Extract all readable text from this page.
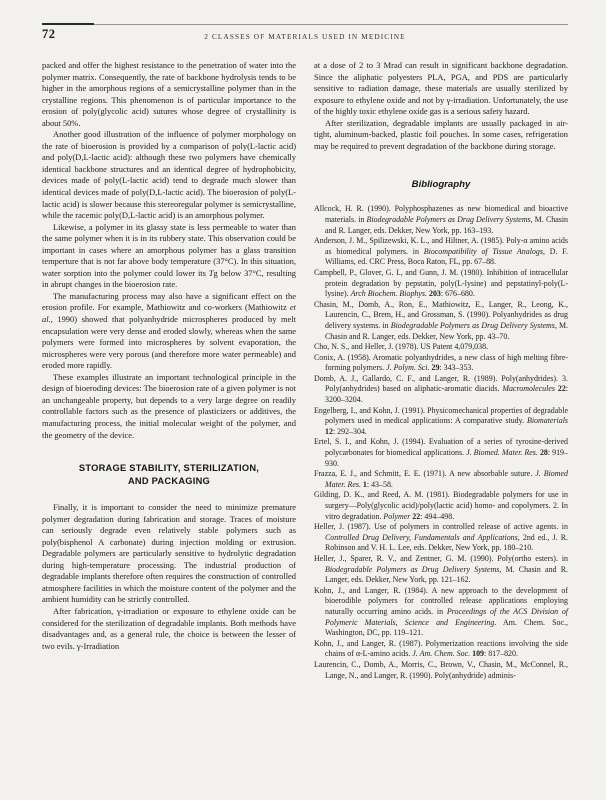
72	2 CLASSES OF MATERIALS USED IN MEDICINE

packed and offer the highest resistance to the penetration of water into the polymer matrix. Consequently, the rate of backbone hydrolysis tends to be higher in the amorphous regions of a semicrystalline polymer than in the crystalline regions. This phenomenon is of particular importance to the erosion of poly(glycolic acid) sutures whose degree of crystallinity is about 50%.

Another good illustration of the influence of polymer morphology on the rate of bioerosion is provided by a comparison of poly(L-lactic acid) and poly(D,L-lactic acid): although these two polymers have chemically identical backbone structures and an identical degree of hydrophobicity, devices made of poly(L-lactic acid) tend to degrade much slower than identical devices made of poly(D,L-lactic acid). The bioerosion of poly(L-lactic acid) is slower because this stereoregular polymer is semicrystalline, while the racemic poly(D,L-lactic acid) is an amorphous polymer.

Likewise, a polymer in its glassy state is less permeable to water than the same polymer when it is in its rubbery state. This observation could be important in cases where an amorphous polymer has a glass transition temperture that is not far above body temperature (37°C). In this situation, water sorption into the polymer could lower its Tg below 37°C, resulting in abrupt changes in the bioerosion rate.

The manufacturing process may also have a significant effect on the erosion profile. For example, Mathiowitz and co-workers (Mathiowitz et al., 1990) showed that polyanhydride microspheres produced by melt encapsulation were very dense and eroded slowly, whereas when the same polymers were formed into microspheres by solvent evaporation, the microspheres were very porous (and therefore more water permeable) and eroded more rapidly.

These examples illustrate an important technological principle in the design of bioeroding devices: The bioerosion rate of a given polymer is not an unchangeable property, but depends to a very large degree on readily controllable factors such as the presence of plasticizers or additives, the manufacturing process, the initial molecular weight of the polymer, and the geometry of the device.

STORAGE STABILITY, STERILIZATION,
AND PACKAGING

Finally, it is important to consider the need to minimize premature polymer degradation during fabrication and storage. Traces of moisture can seriously degrade even relatively stable polymers such as poly(bisphenol A carbonate) during injection molding or extrusion. Degradable polymers are particularly sensitive to hydrolytic degradation during high-temperature processing. The industrial production of degradable implants therefore often requires the construction of controlled atmosphere facilities in which the moisture content of the polymer and the ambient humidity can be strictly controlled.

After fabrication, γ-irradiation or exposure to ethylene oxide can be considered for the sterilization of degradable implants. Both methods have disadvantages and, as a general rule, the choice is between the lesser of two evils. γ-Irradiation

at a dose of 2 to 3 Mrad can result in significant backbone degradation. Since the aliphatic polyesters PLA, PGA, and PDS are particularly sensitive to radiation damage, these materials are usually sterilized by exposure to ethylene oxide and not by γ-irradiation. Unfortunately, the use of the highly toxic ethylene oxide gas is a serious safety hazard.

After sterilization, degradable implants are usually packaged in air-tight, aluminum-backed, plastic foil pouches. In some cases, refrigeration may be required to prevent degradation of the backbone during storage.

Bibliography

Allcock, H. R. (1990). Polyphosphazenes as new biomedical and bioactive materials. in Biodegradable Polymers as Drug Delivery Systems, M. Chasin and R. Langer, eds. Dekker, New York, pp. 163–193.

Anderson, J. M., Spilizewski, K. L., and Hiltner, A. (1985). Poly-α amino acids as biomedical polymers. in Biocompatibility of Tissue Analogs, D. F. Williams, ed. CRC Press, Boca Raton, FL, pp. 67–88.

Campbell, P., Glover, G. I., and Gunn, J. M. (1980). Inhibition of intracellular protein degradation by pepstatin, poly(L-lysine) and pepstatinyl-poly(L-lysine). Arch Biochem. Biophys. 203: 676–680.

Chasin, M., Domb, A., Ron, E., Mathiowitz, E., Langer, R., Leong, K., Laurencin, C., Brem, H., and Grossman, S. (1990). Polyanhydrides as drug delivery systems. in Biodegradable Polymers as Drug Delivery Systems, M. Chasin and R. Langer, eds. Dekker, New York, pp. 43–70.

Cho, N. S., and Heller, J. (1978). US Patent 4,079,038.

Conix, A. (1958). Aromatic polyanhydrides, a new class of high melting fibre-forming polymers. J. Polym. Sci. 29: 343–353.

Domb, A. J., Gallardo, C. F., and Langer, R. (1989). Poly(anhydrides). 3. Poly(anhydrides) based on aliphatic-aromatic diacids. Macromolecules 22: 3200–3204.

Engelberg, I., and Kohn, J. (1991). Physicomechanical properties of degradable polymers used in medical applications: A comparative study. Biomaterials 12: 292–304.

Ertel, S. I., and Kohn, J. (1994). Evaluation of a series of tyrosine-derived polycarbonates for biomedical applications. J. Biomed. Mater. Res. 28: 919–930.

Frazza, E. J., and Schmitt, E. E. (1971). A new absorbable suture. J. Biomed Mater. Res. 1: 43–58.

Gilding, D. K., and Reed, A. M. (1981). Biodegradable polymers for use in surgery—Poly(glycolic acid)/poly(lactic acid) homo- and copolymers. 2. In vitro degradation. Polymer 22: 494–498.

Heller, J. (1987). Use of polymers in controlled release of active agents. in Controlled Drug Delivery, Fundamentals and Applications, 2nd ed., J. R. Robinson and V. H. L. Lee, eds. Dekker, New York, pp. 180–210.

Heller, J., Sparer, R. V., and Zentner, G. M. (1990). Poly(ortho esters). in Biodegradable Polymers as Drug Delivery Systems, M. Chasin and R. Langer, eds. Dekker, New York, pp. 121–162.

Kohn, J., and Langer, R. (1984). A new approach to the development of bioerodible polymers for controlled release applications employing naturally occurring amino acids. in Proceedings of the ACS Division of Polymeric Materials, Science and Engineering. Am. Chem. Soc., Washington, DC, pp. 119–121.

Kohn, J., and Langer, R. (1987). Polymerization reactions involving the side chains of α-L-amino acids. J. Am. Chem. Soc. 109: 817–820.

Laurencin, C., Domb, A., Morris, C., Brown, V., Chasin, M., McConnel, R., Lange, N., and Langer, R. (1990). Poly(anhydride) adminis-
